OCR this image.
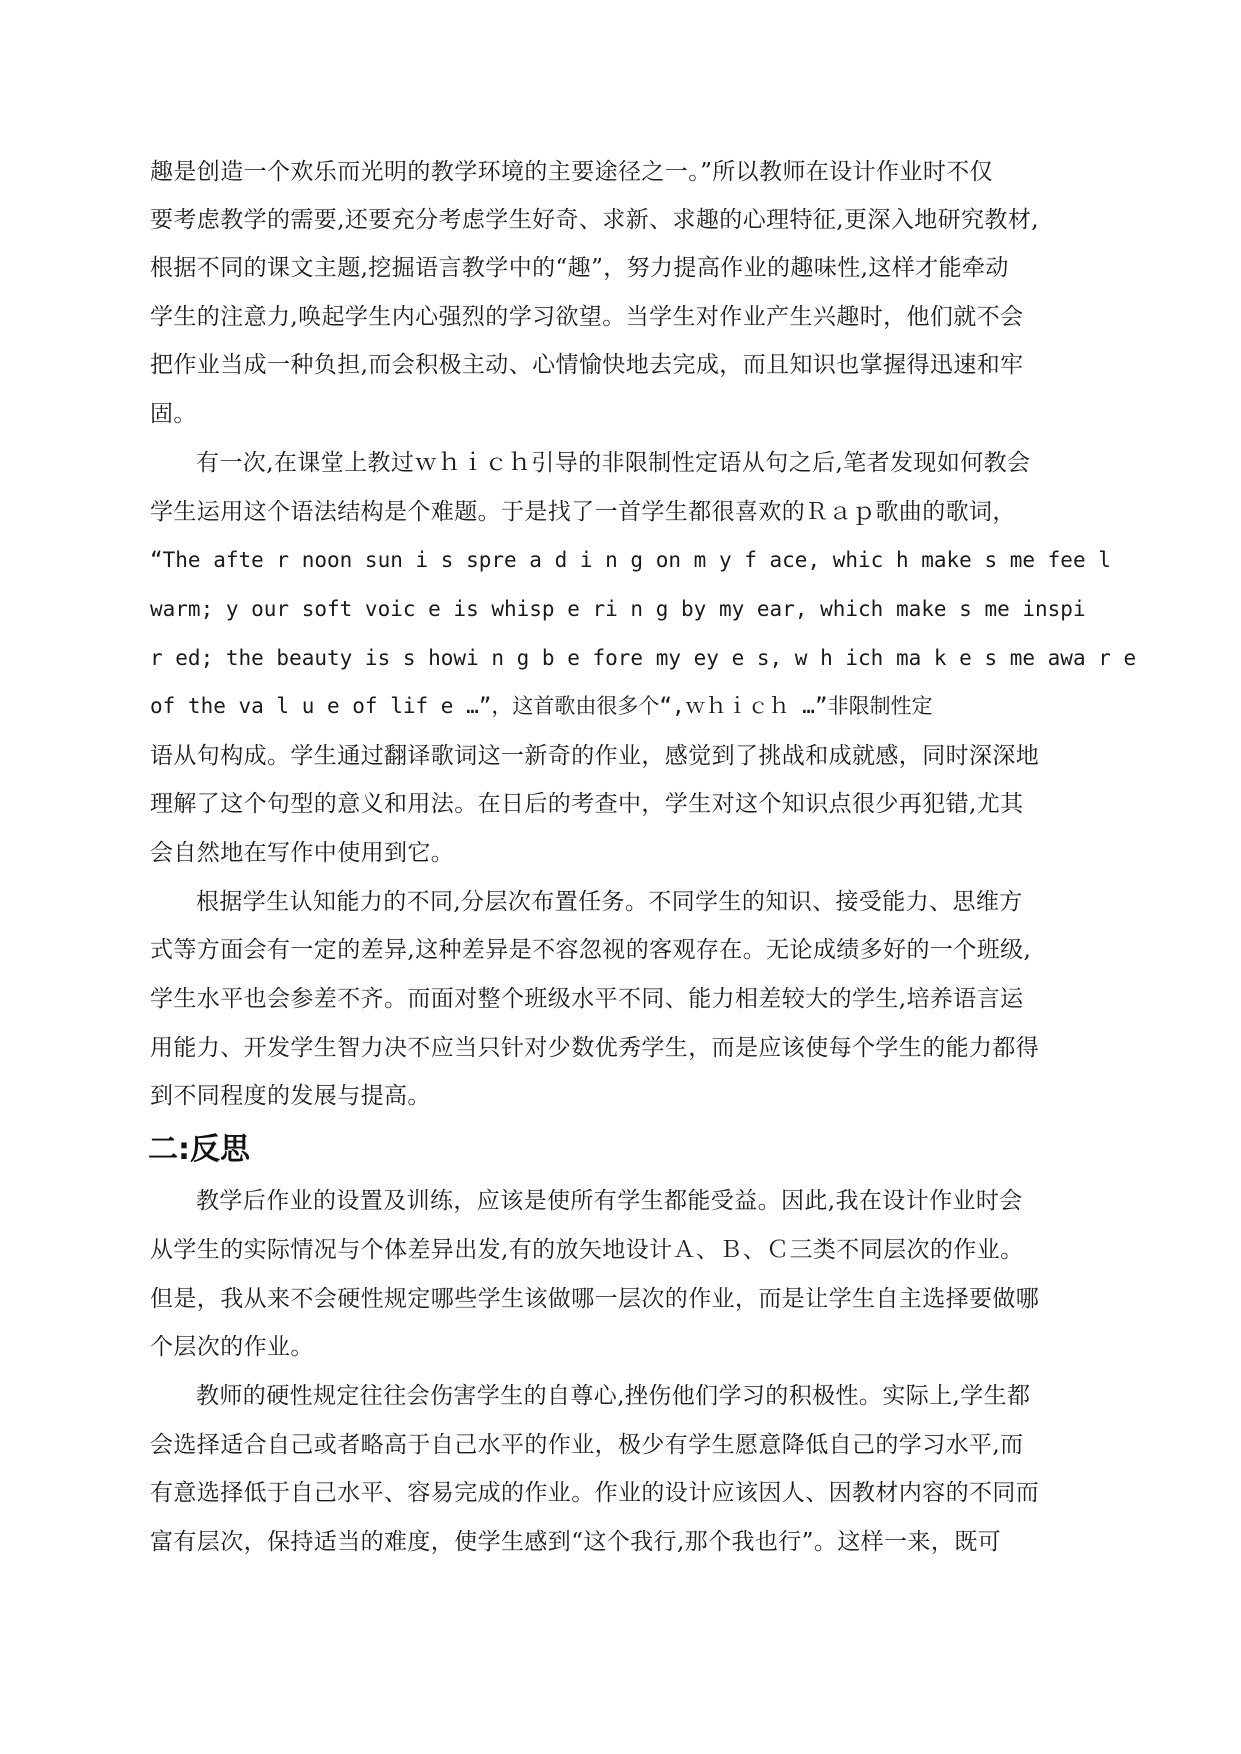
趣是创造一个欢乐而光明的教学环境的主要途径之一。”所以教师在设计作业时不仅
要考虑教学的需要,还要充分考虑学生好奇、求新、求趣的心理特征,更深入地研究教材,
根据不同的课文主题,挖掘语言教学中的“趣”，努力提高作业的趣味性,这样才能牵动
学生的注意力,唤起学生内心强烈的学习欲望。当学生对作业产生兴趣时，他们就不会
把作业当成一种负担,而会积极主动、心情愉快地去完成，而且知识也掌握得迅速和牢
固。
有一次,在课堂上教过ｗｈｉｃｈ引导的非限制性定语从句之后,笔者发现如何教会
学生运用这个语法结构是个难题。于是找了一首学生都很喜欢的Ｒａｐ歌曲的歌词，
“The afte r noon sun i s spre a d i n g on m y f ace, whic h make s me fee l
warm; y our soft voic e is whisp e ri n g by my ear, which make s me inspi
r ed; the beauty is s howi n g b e fore my ey e s, w h ich ma k e s me awa r e
of the va l u e of lif e …”，这首歌由很多个“,ｗｈｉｃｈ …”非限制性定
语从句构成。学生通过翻译歌词这一新奇的作业，感觉到了挑战和成就感，同时深深地
理解了这个句型的意义和用法。在日后的考查中，学生对这个知识点很少再犯错,尤其
会自然地在写作中使用到它。
根据学生认知能力的不同,分层次布置任务。不同学生的知识、接受能力、思维方
式等方面会有一定的差异,这种差异是不容忽视的客观存在。无论成绩多好的一个班级,
学生水平也会参差不齐。而面对整个班级水平不同、能力相差较大的学生,培养语言运
用能力、开发学生智力决不应当只针对少数优秀学生，而是应该使每个学生的能力都得
到不同程度的发展与提高。
二:反思
教学后作业的设置及训练，应该是使所有学生都能受益。因此,我在设计作业时会
从学生的实际情况与个体差异出发,有的放矢地设计Ａ、Ｂ、Ｃ三类不同层次的作业。
但是，我从来不会硬性规定哪些学生该做哪一层次的作业，而是让学生自主选择要做哪
个层次的作业。
教师的硬性规定往往会伤害学生的自尊心,挫伤他们学习的积极性。实际上,学生都
会选择适合自己或者略高于自己水平的作业，极少有学生愿意降低自己的学习水平,而
有意选择低于自己水平、容易完成的作业。作业的设计应该因人、因教材内容的不同而
富有层次，保持适当的难度，使学生感到“这个我行,那个我也行”。这样一来，既可
